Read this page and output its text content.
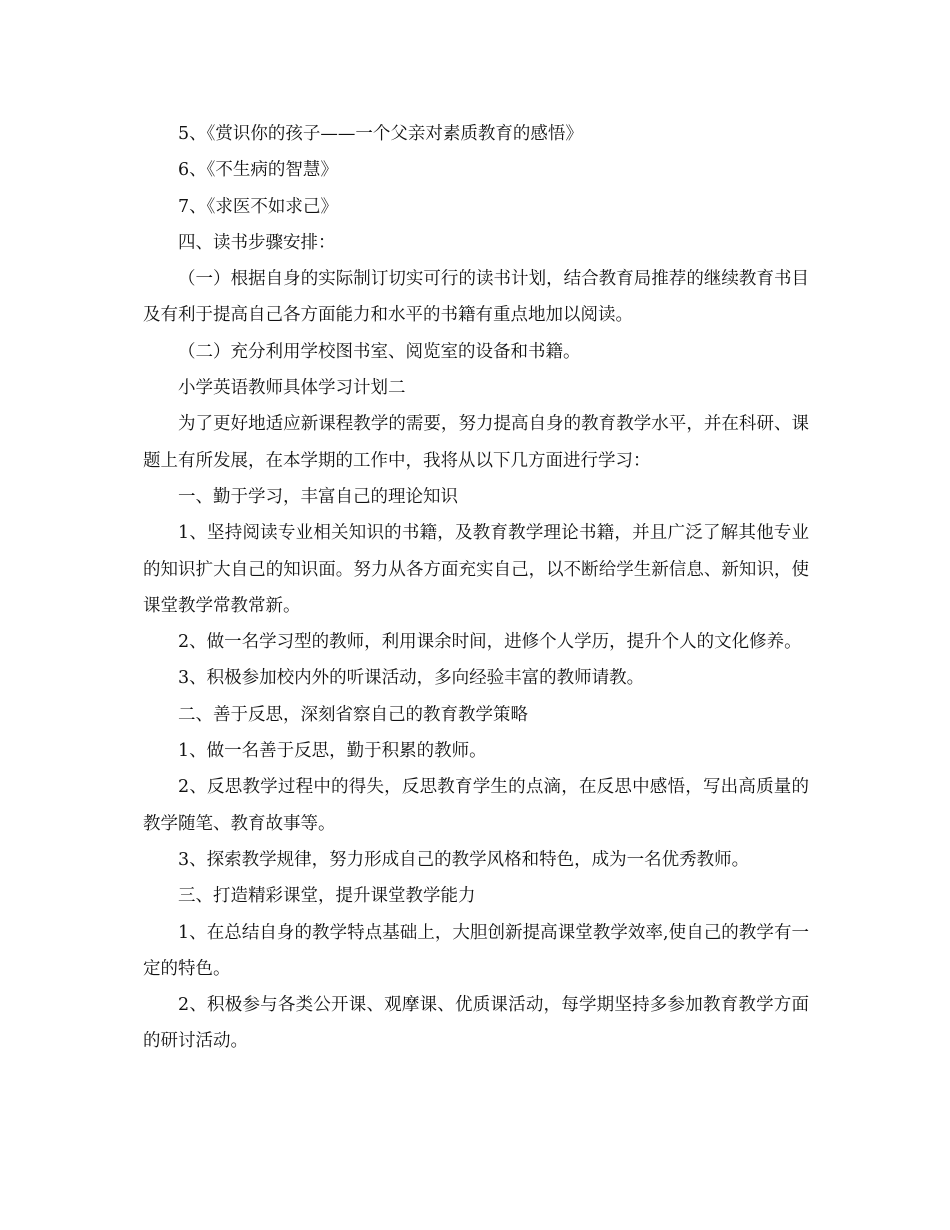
5、《赏识你的孩子——一个父亲对素质教育的感悟》

6、《不生病的智慧》

7、《求医不如求己》

四、读书步骤安排：

（一）根据自身的实际制订切实可行的读书计划，结合教育局推荐的继续教育书目及有利于提高自己各方面能力和水平的书籍有重点地加以阅读。

（二）充分利用学校图书室、阅览室的设备和书籍。

小学英语教师具体学习计划二

为了更好地适应新课程教学的需要，努力提高自身的教育教学水平，并在科研、课题上有所发展，在本学期的工作中，我将从以下几方面进行学习：

一、勤于学习，丰富自己的理论知识

1、坚持阅读专业相关知识的书籍，及教育教学理论书籍，并且广泛了解其他专业的知识扩大自己的知识面。努力从各方面充实自己，以不断给学生新信息、新知识，使课堂教学常教常新。

2、做一名学习型的教师，利用课余时间，进修个人学历，提升个人的文化修养。

3、积极参加校内外的听课活动，多向经验丰富的教师请教。

二、善于反思，深刻省察自己的教育教学策略

1、做一名善于反思，勤于积累的教师。

2、反思教学过程中的得失，反思教育学生的点滴，在反思中感悟，写出高质量的教学随笔、教育故事等。

3、探索教学规律，努力形成自己的教学风格和特色，成为一名优秀教师。

三、打造精彩课堂，提升课堂教学能力

1、在总结自身的教学特点基础上，大胆创新提高课堂教学效率,使自己的教学有一定的特色。

2、积极参与各类公开课、观摩课、优质课活动，每学期坚持多参加教育教学方面的研讨活动。
